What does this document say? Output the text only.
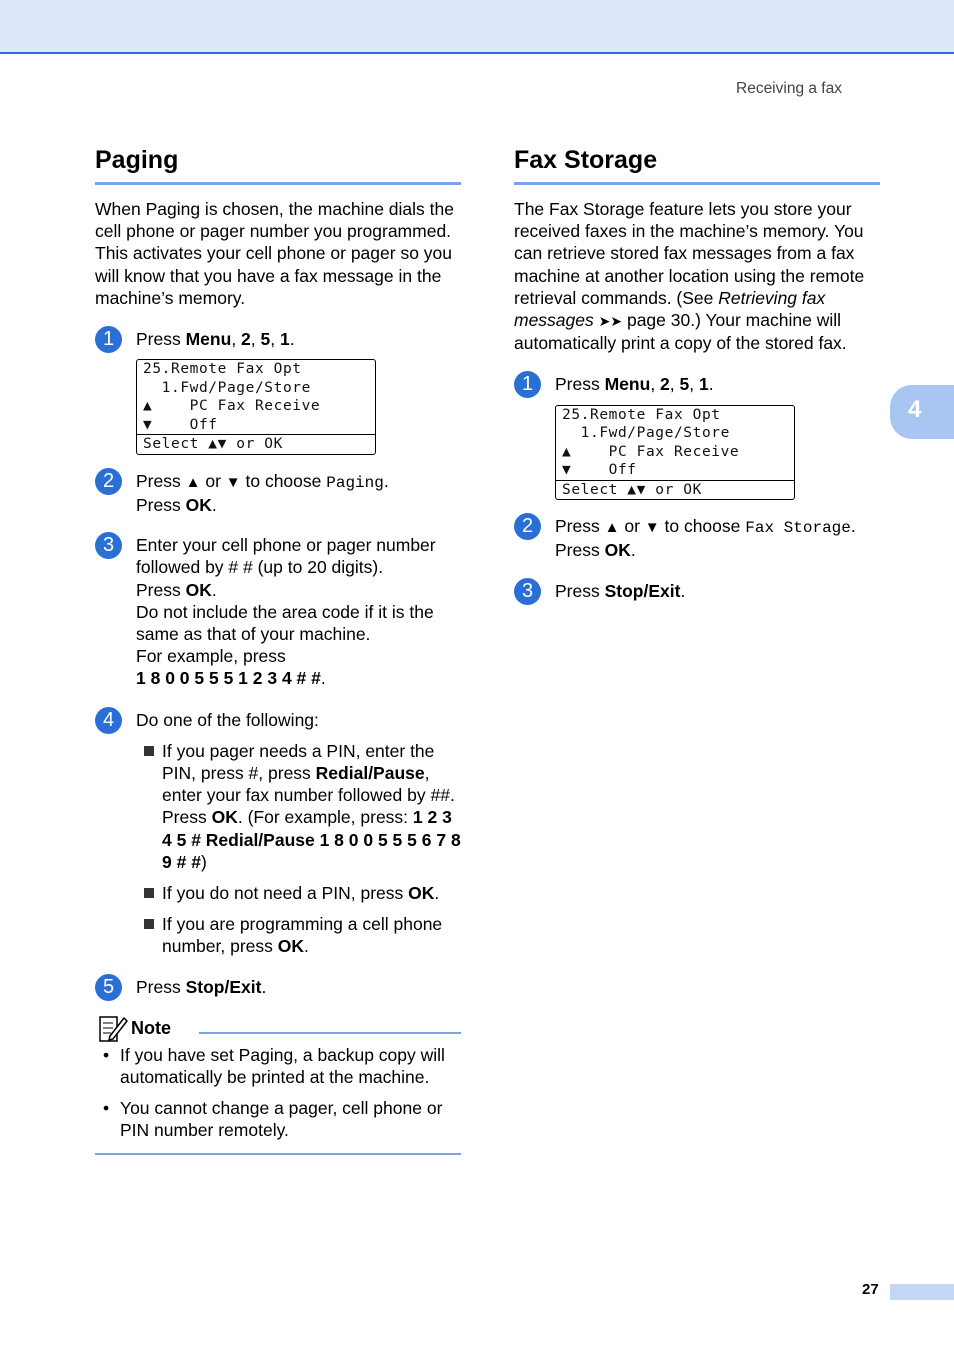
Receiving a fax
4
27
Paging

When Paging is chosen, the machine dials the cell phone or pager number you programmed. This activates your cell phone or pager so you will know that you have a fax message in the machine’s memory.

1	Press Menu, 2, 5, 1.

25.Remote Fax Opt
1.Fwd/Page/Store
▲    PC Fax Receive
▼    Off
Select ▲▼ or OK
2	Press ▲ or ▼ to choose Paging.

Press OK.

3	Enter your cell phone or pager number followed by # # (up to 20 digits).

Press OK.

Do not include the area code if it is the same as that of your machine.

For example, press

1 8 0 0 5 5 5 1 2 3 4 # #.

4	Do one of the following:

If you pager needs a PIN, enter the PIN, press #, press Redial/Pause, enter your fax number followed by ##. Press OK. (For example, press: 1 2 3 4 5 # Redial/Pause 1 8 0 0 5 5 5 6 7 8 9 # #)

If you do not need a PIN, press OK.

If you are programming a cell phone number, press OK.

5	Press Stop/Exit.

Note
• If you have set Paging, a backup copy will automatically be printed at the machine.

• You cannot change a pager, cell phone or PIN number remotely.

Fax Storage

The Fax Storage feature lets you store your received faxes in the machine’s memory. You can retrieve stored fax messages from a fax machine at another location using the remote retrieval commands. (See Retrieving fax messages ➤➤ page 30.) Your machine will automatically print a copy of the stored fax.

1	Press Menu, 2, 5, 1.

25.Remote Fax Opt
1.Fwd/Page/Store
▲    PC Fax Receive
▼    Off
Select ▲▼ or OK
2	Press ▲ or ▼ to choose Fax Storage.

Press OK.

3	Press Stop/Exit.
